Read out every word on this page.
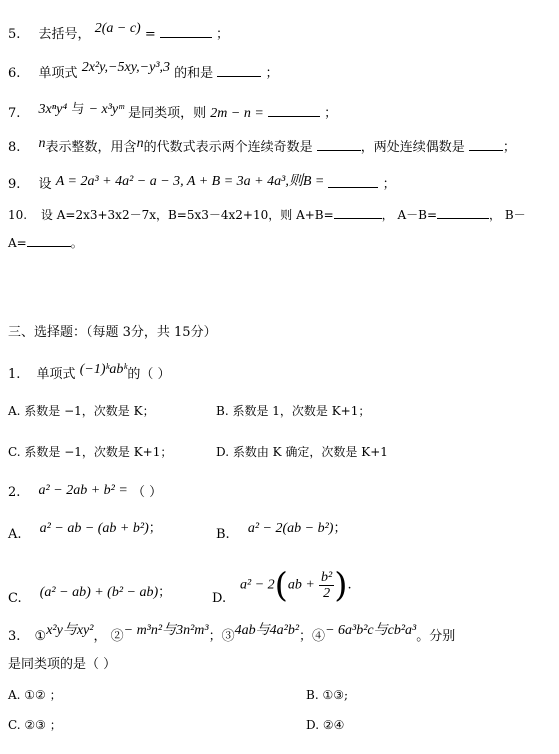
5. 去括号， 2(a − c) =	；
6. 单项式 2x²y,−5xy,−y³,3 的和是	；
7. 3xⁿy⁴ 与 − x³yᵐ 是同类项，则 2m − n =	；
8. n表示整数，用含n的代数式表示两个连续奇数是	，两处连续偶数是	；
9. 设 A = 2a³ + 4a² − a − 3, A + B = 3a + 4a³,则B =	；
10. 设 A=2x3+3x2－7x，B=5x3－4x2+10，则 A+B=	， A－B=	， B－
A=	。
三、选择题：（每题 3分，共 15分）
1. 单项式 (−1)ᵏabᵏ的（ ）
A. 系数是 −1，次数是 K；	B. 系数是 1，次数是 K+1；
C. 系数是 −1，次数是 K+1；	D. 系数由 K 确定，次数是 K+1
2. a² − 2ab + b² = （ ）
A. a² − ab − (ab + b²)；	B. a² − 2(ab − b²)；
C. (a² − ab) + (b² − ab)；	D.
$a^2 - 2(ab + \frac{\text{b²}}{2}$ ).
3. ①x²y与xy²， ②− m³n²与3n²m³；③4ab与4a²b²；④− 6a³b²c与cb²a³。分别
是同类项的是（ ）
A. ①② ；	B. ①③;
C. ②③ ；	D. ②④
